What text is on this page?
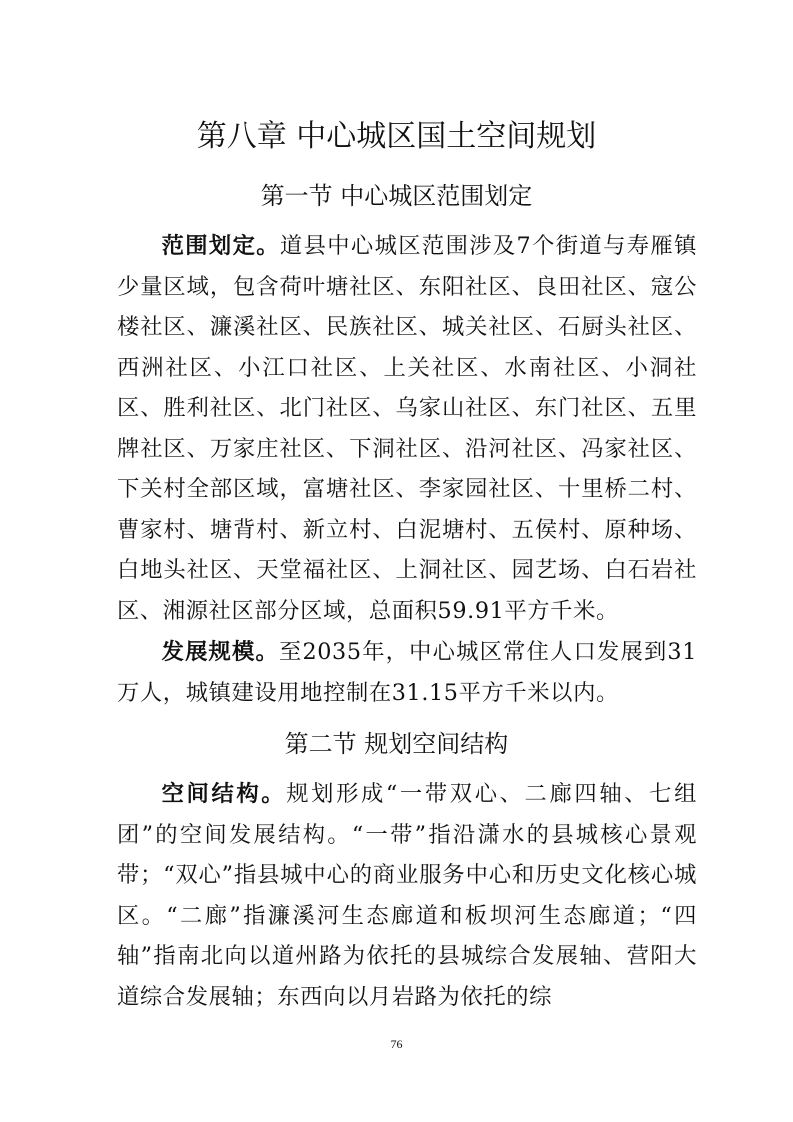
第八章 中心城区国土空间规划
第一节 中心城区范围划定

范围划定。道县中心城区范围涉及7个街道与寿雁镇少量区域，包含荷叶塘社区、东阳社区、良田社区、寇公楼社区、濂溪社区、民族社区、城关社区、石厨头社区、西洲社区、小江口社区、上关社区、水南社区、小洞社区、胜利社区、北门社区、乌家山社区、东门社区、五里牌社区、万家庄社区、下洞社区、沿河社区、冯家社区、下关村全部区域，富塘社区、李家园社区、十里桥二村、曹家村、塘背村、新立村、白泥塘村、五侯村、原种场、白地头社区、天堂福社区、上洞社区、园艺场、白石岩社区、湘源社区部分区域，总面积59.91平方千米。

发展规模。至2035年，中心城区常住人口发展到31万人，城镇建设用地控制在31.15平方千米以内。

第二节 规划空间结构

空间结构。规划形成“一带双心、二廊四轴、七组团”的空间发展结构。“一带”指沿潇水的县城核心景观带；“双心”指县城中心的商业服务中心和历史文化核心城区。“二廊”指濂溪河生态廊道和板坝河生态廊道；“四轴”指南北向以道州路为依托的县城综合发展轴、营阳大道综合发展轴；东西向以月岩路为依托的综

76
